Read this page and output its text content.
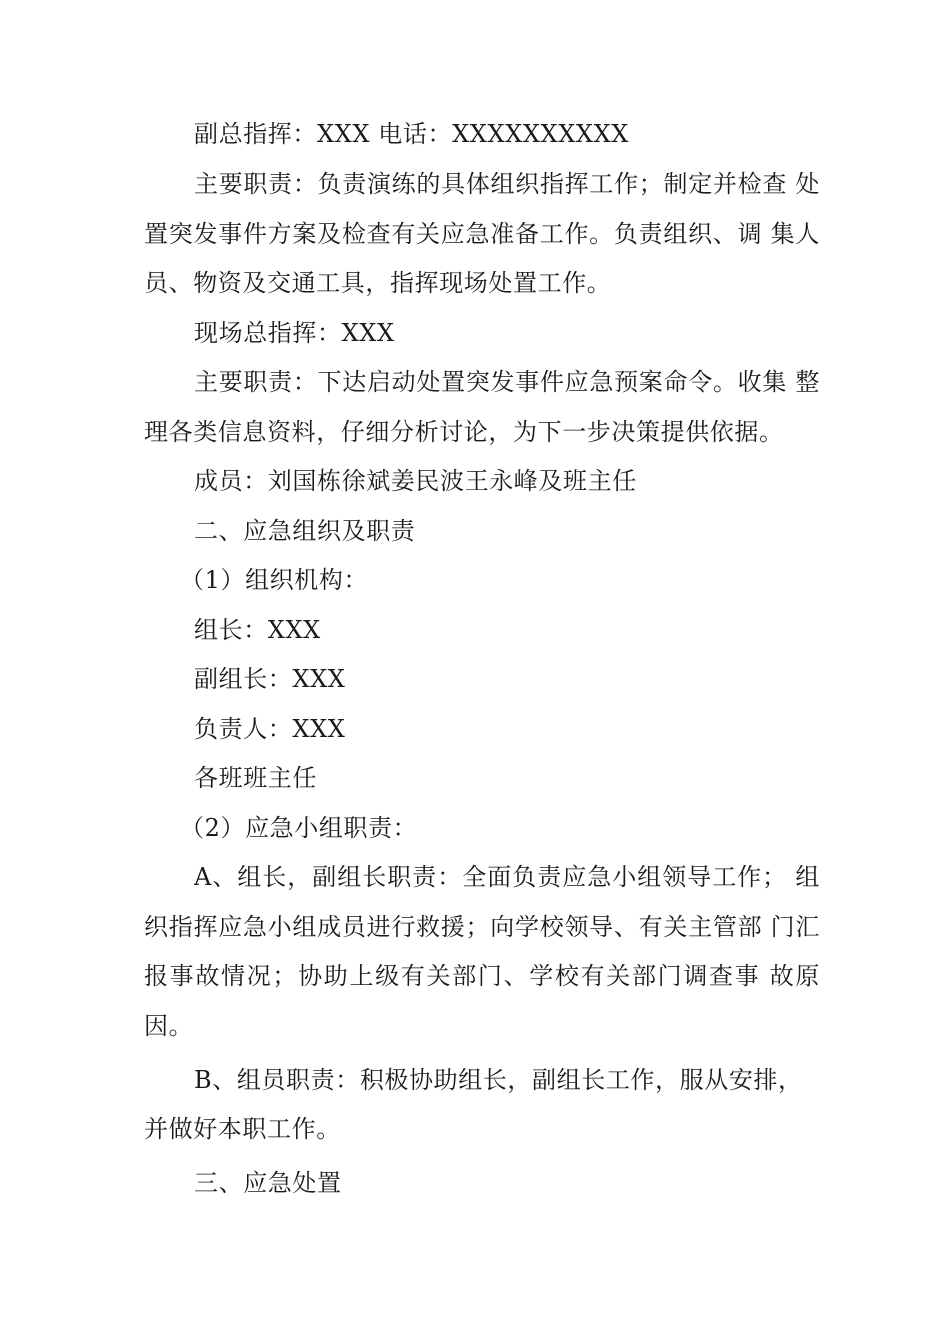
副总指挥：XXX 电话：XXXXXXXXXX
主要职责：负责演练的具体组织指挥工作；制定并检查 处
置突发事件方案及检查有关应急准备工作。负责组织、调 集人
员、物资及交通工具，指挥现场处置工作。
现场总指挥：XXX
主要职责：下达启动处置突发事件应急预案命令。收集 整
理各类信息资料，仔细分析讨论，为下一步决策提供依据。
成员：刘国栋徐斌姜民波王永峰及班主任
二、应急组织及职责
（1）组织机构：
组长：XXX
副组长：XXX
负责人：XXX
各班班主任
（2）应急小组职责：
A、组长，副组长职责：全面负责应急小组领导工作； 组
织指挥应急小组成员进行救援；向学校领导、有关主管部 门汇
报事故情况；协助上级有关部门、学校有关部门调查事 故原
因。
B、组员职责：积极协助组长，副组长工作，服从安排，
并做好本职工作。
三、应急处置
